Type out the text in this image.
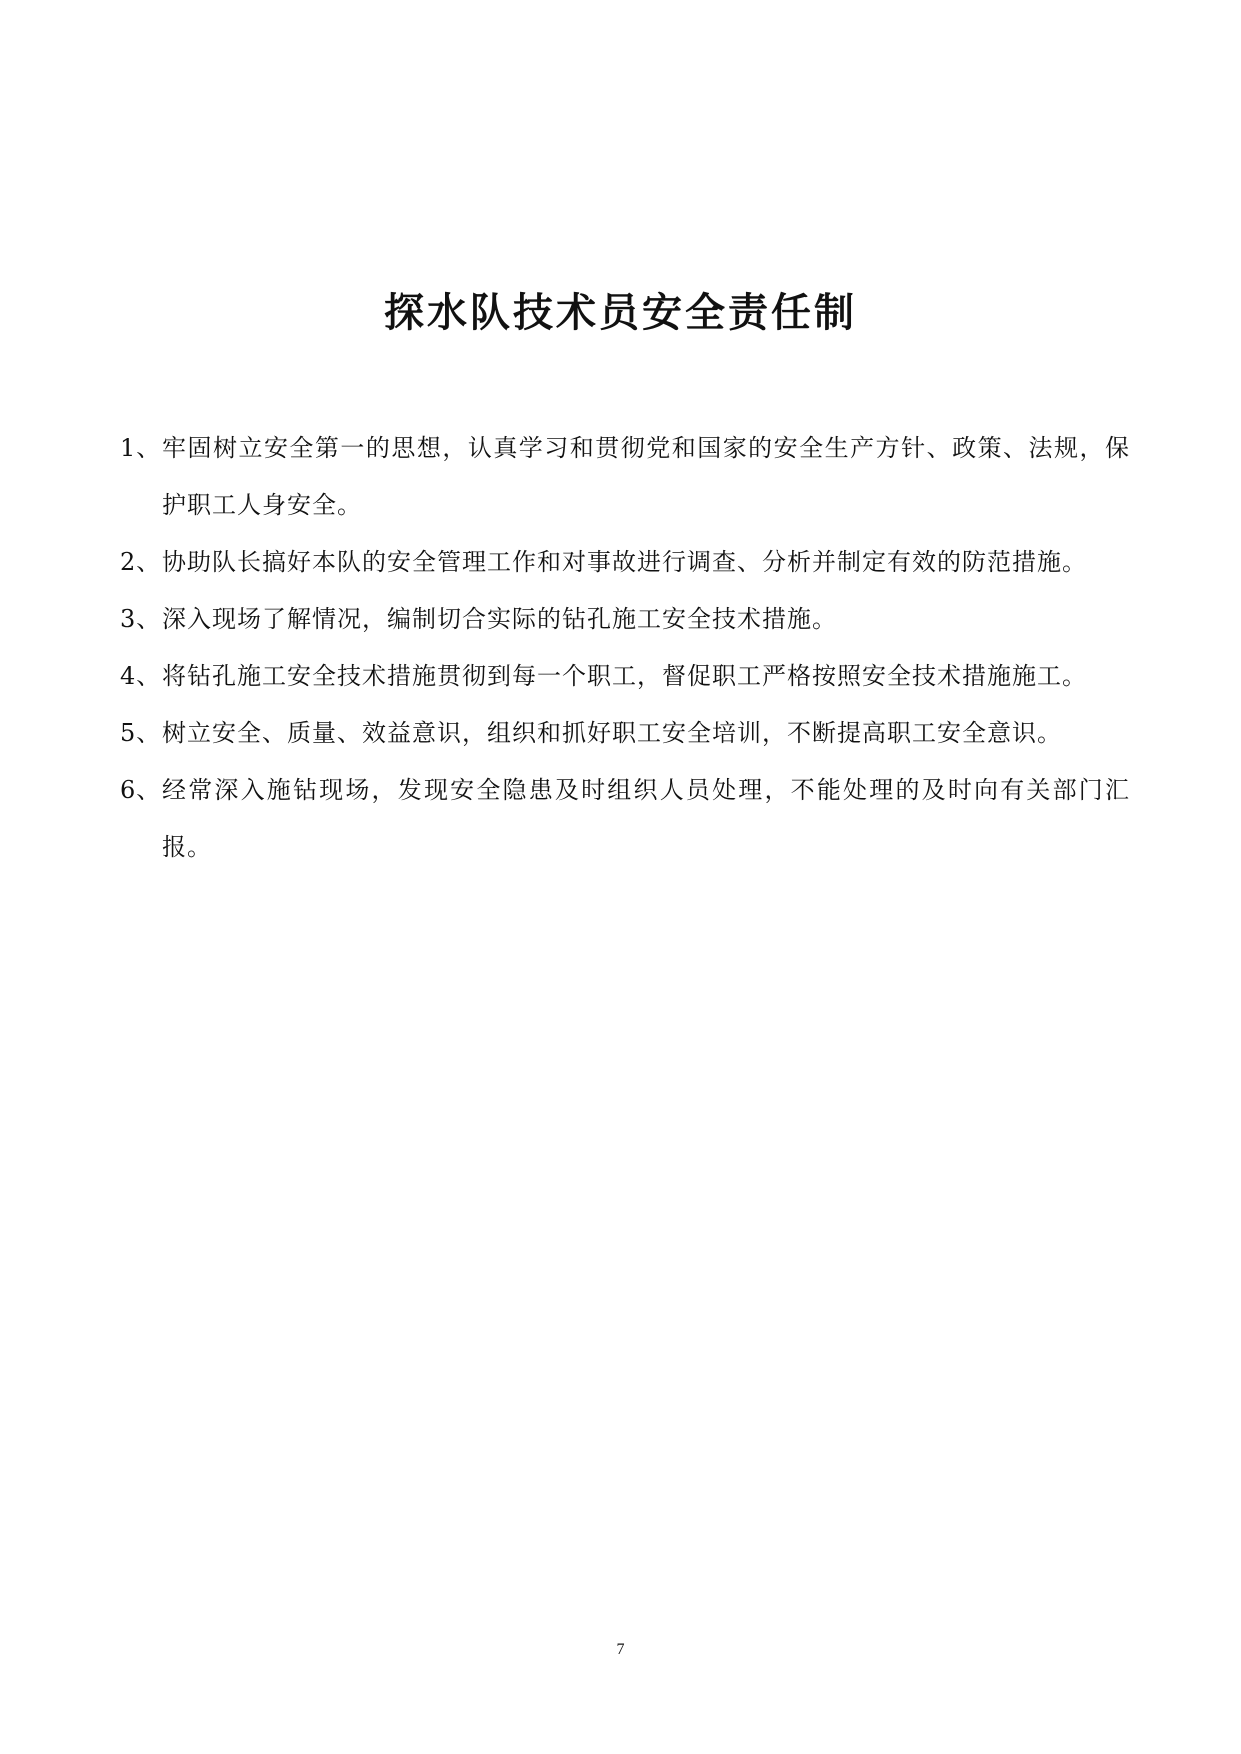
探水队技术员安全责任制
1、 牢固树立安全第一的思想，认真学习和贯彻党和国家的安全生产方针、政策、法规，保护职工人身安全。
2、 协助队长搞好本队的安全管理工作和对事故进行调查、分析并制定有效的防范措施。
3、 深入现场了解情况，编制切合实际的钻孔施工安全技术措施。
4、 将钻孔施工安全技术措施贯彻到每一个职工，督促职工严格按照安全技术措施施工。
5、 树立安全、质量、效益意识，组织和抓好职工安全培训，不断提高职工安全意识。
6、 经常深入施钻现场，发现安全隐患及时组织人员处理，不能处理的及时向有关部门汇报。
7
